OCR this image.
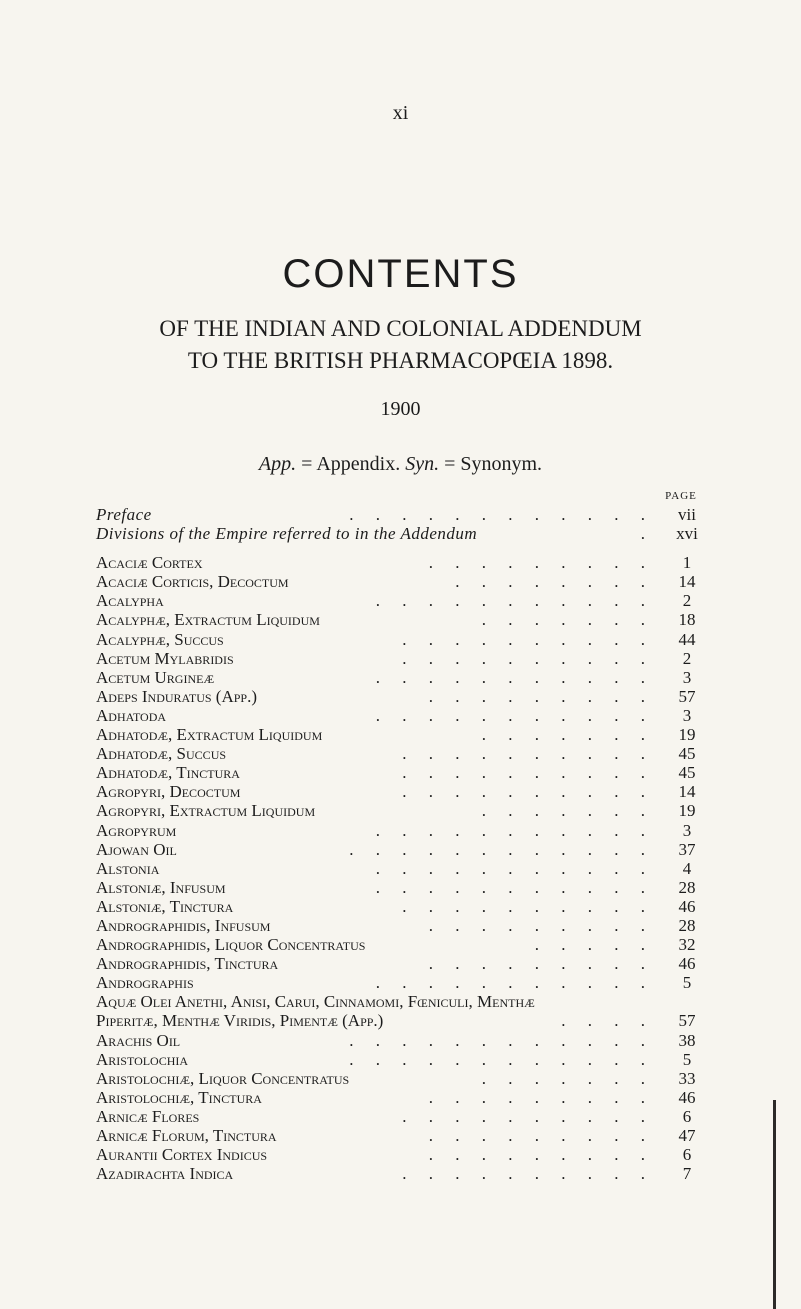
xi
CONTENTS
OF THE INDIAN AND COLONIAL ADDENDUM
TO THE BRITISH PHARMACOPŒIA 1898.
1900
App. = Appendix. Syn. = Synonym.
PAGE
Preface	. . . . . . . . . . . .	vii
Divisions of the Empire referred to in the Addendum	.	xvi
Acaciæ Cortex	. . . . . . . . .	1
Acaciæ Corticis, Decoctum	. . . . . . . .	14
Acalypha	. . . . . . . . . . .	2
Acalyphæ, Extractum Liquidum	. . . . . . .	18
Acalyphæ, Succus	. . . . . . . . . .	44
Acetum Mylabridis	. . . . . . . . . .	2
Acetum Urgineæ	. . . . . . . . . . .	3
Adeps Induratus (App.)	. . . . . . . . .	57
Adhatoda	. . . . . . . . . . .	3
Adhatodæ, Extractum Liquidum	. . . . . . .	19
Adhatodæ, Succus	. . . . . . . . . .	45
Adhatodæ, Tinctura	. . . . . . . . . .	45
Agropyri, Decoctum	. . . . . . . . . .	14
Agropyri, Extractum Liquidum	. . . . . . .	19
Agropyrum	. . . . . . . . . . .	3
Ajowan Oil	. . . . . . . . . . . .	37
Alstonia	. . . . . . . . . . .	4
Alstoniæ, Infusum	. . . . . . . . . . .	28
Alstoniæ, Tinctura	. . . . . . . . . .	46
Andrographidis, Infusum	. . . . . . . . .	28
Andrographidis, Liquor Concentratus	. . . . .	32
Andrographidis, Tinctura	. . . . . . . . .	46
Andrographis	. . . . . . . . . . .	5
Aquæ Olei Anethi, Anisi, Carui, Cinnamomi, Fœniculi, Menthæ
Piperitæ, Menthæ Viridis, Pimentæ (App.)	. . . .	57
Arachis Oil	. . . . . . . . . . . .	38
Aristolochia	. . . . . . . . . . . .	5
Aristolochiæ, Liquor Concentratus	. . . . . . .	33
Aristolochiæ, Tinctura	. . . . . . . . .	46
Arnicæ Flores	. . . . . . . . . .	6
Arnicæ Florum, Tinctura	. . . . . . . . .	47
Aurantii Cortex Indicus	. . . . . . . . .	6
Azadirachta Indica	. . . . . . . . . .	7
